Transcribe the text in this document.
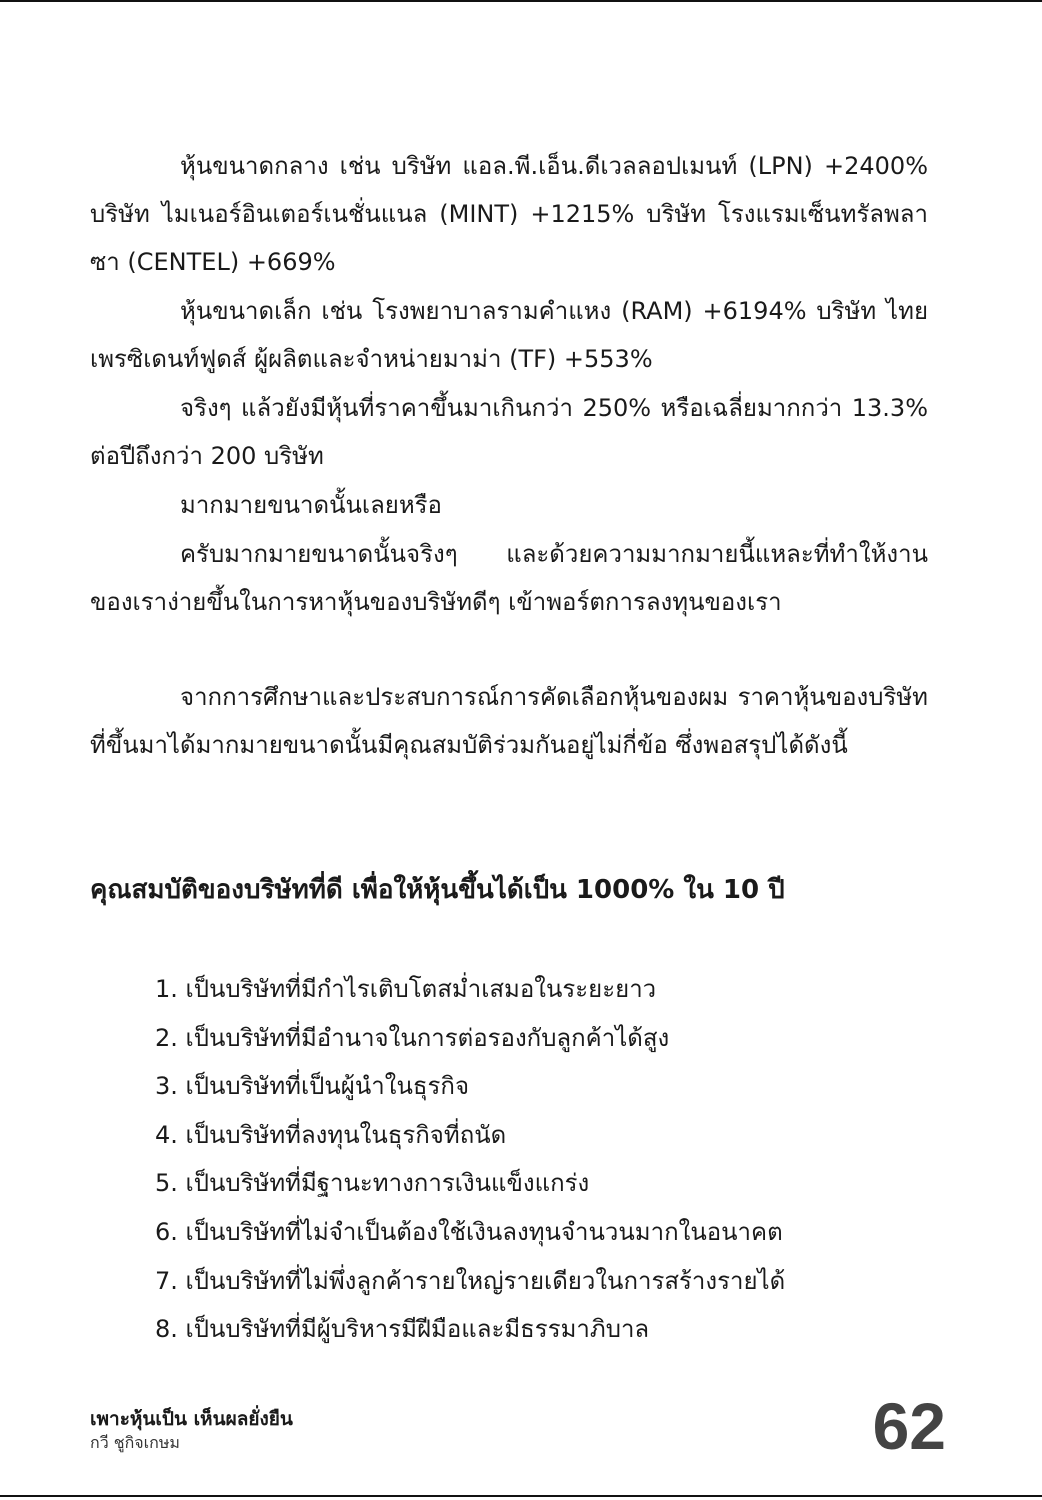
หุ้นขนาดกลาง เช่น บริษัท แอล.พี.เอ็น.ดีเวลลอปเมนท์ (LPN) +2400% บริษัท ไมเนอร์อินเตอร์เนชั่นแนล (MINT) +1215% บริษัท โรงแรมเซ็นทรัลพลาซา (CENTEL) +669%

หุ้นขนาดเล็ก เช่น โรงพยาบาลรามคำแหง (RAM) +6194% บริษัท ไทยเพรซิเดนท์ฟูดส์ ผู้ผลิตและจำหน่ายมาม่า (TF) +553%

จริงๆ แล้วยังมีหุ้นที่ราคาขึ้นมาเกินกว่า 250% หรือเฉลี่ยมากกว่า 13.3% ต่อปีถึงกว่า 200 บริษัท

มากมายขนาดนั้นเลยหรือ

ครับมากมายขนาดนั้นจริงๆ และด้วยความมากมายนี้แหละที่ทำให้งานของเราง่ายขึ้นในการหาหุ้นของบริษัทดีๆ เข้าพอร์ตการลงทุนของเรา

จากการศึกษาและประสบการณ์การคัดเลือกหุ้นของผม ราคาหุ้นของบริษัทที่ขึ้นมาได้มากมายขนาดนั้นมีคุณสมบัติร่วมกันอยู่ไม่กี่ข้อ ซึ่งพอสรุปได้ดังนี้

คุณสมบัติของบริษัทที่ดี เพื่อให้หุ้นขึ้นได้เป็น 1000% ใน 10 ปี
1. เป็นบริษัทที่มีกำไรเติบโตสม่ำเสมอในระยะยาว
2. เป็นบริษัทที่มีอำนาจในการต่อรองกับลูกค้าได้สูง
3. เป็นบริษัทที่เป็นผู้นำในธุรกิจ
4. เป็นบริษัทที่ลงทุนในธุรกิจที่ถนัด
5. เป็นบริษัทที่มีฐานะทางการเงินแข็งแกร่ง
6. เป็นบริษัทที่ไม่จำเป็นต้องใช้เงินลงทุนจำนวนมากในอนาคต
7. เป็นบริษัทที่ไม่พึ่งลูกค้ารายใหญ่รายเดียวในการสร้างรายได้
8. เป็นบริษัทที่มีผู้บริหารมีฝีมือและมีธรรมาภิบาล
เพาะหุ้นเป็น เห็นผลยั่งยืน
กวี ชูกิจเกษม	62
